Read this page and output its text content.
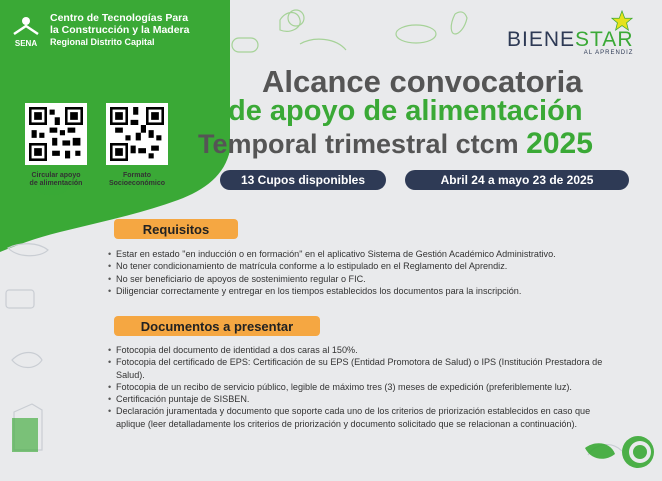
SENA
Centro de Tecnologías Para
la Construcción y la Madera
Regional Distrito Capital
Circular apoyo
de alimentación
Formato
Socioeconómico
BIENESTAR
AL APRENDIZ
Alcance convocatoria
de apoyo de alimentación
Temporal trimestral ctcm 2025
13 Cupos disponibles	Abril 24 a mayo 23 de 2025
Requisitos
• Estar en estado "en inducción o en formación" en el aplicativo Sistema de Gestión Académico Administrativo.
• No tener condicionamiento de matrícula conforme a lo estipulado en el Reglamento del Aprendiz.
• No ser beneficiario de apoyos de sostenimiento regular o FIC.
• Diligenciar correctamente y entregar en los tiempos establecidos los documentos para la inscripción.
Documentos a presentar
• Fotocopia del documento de identidad a dos caras al 150%.
• Fotocopia del certificado de EPS: Certificación de su EPS (Entidad Promotora de Salud) o IPS (Institución Prestadora de Salud).
• Fotocopia de un recibo de servicio público, legible de máximo tres (3) meses de expedición (preferiblemente luz).
• Certificación puntaje de SISBEN.
• Declaración juramentada y documento que soporte cada uno de los criterios de priorización establecidos en caso que aplique (leer detalladamente los criterios de priorización y documento solicitado que se relacionan a continuación).
